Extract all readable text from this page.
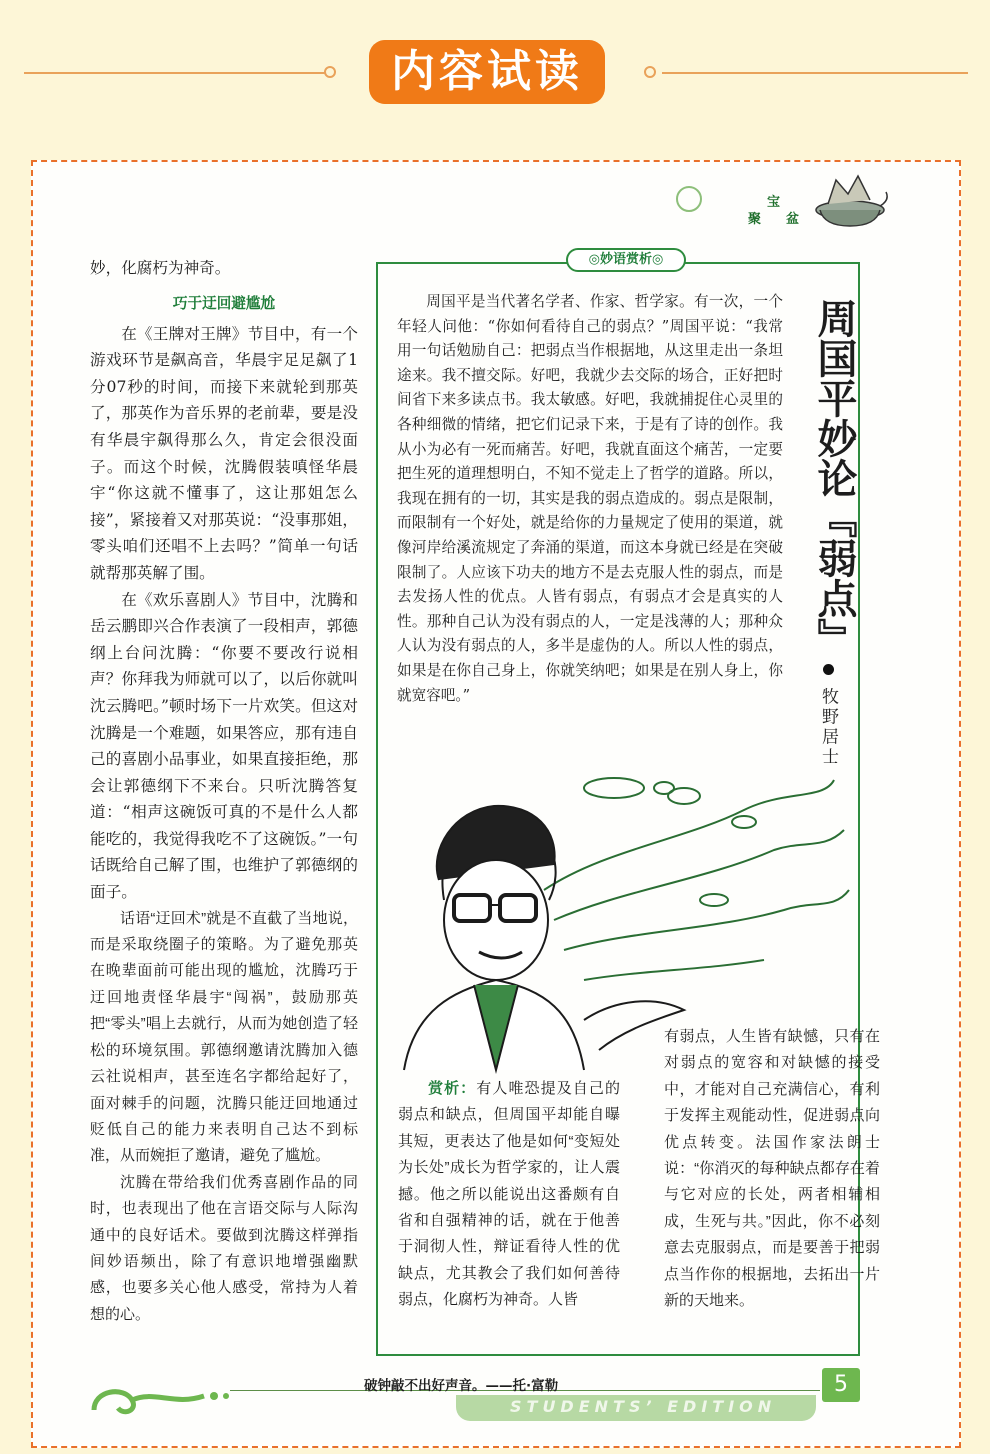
内容试读
聚
宝
盆

妙，化腐朽为神奇。

巧于迂回避尴尬

在《王牌对王牌》节目中，有一个游戏环节是飙高音，华晨宇足足飙了1分07秒的时间，而接下来就轮到那英了，那英作为音乐界的老前辈，要是没有华晨宇飙得那么久，肯定会很没面子。而这个时候，沈腾假装嗔怪华晨宇“你这就不懂事了，这让那姐怎么接”，紧接着又对那英说：“没事那姐，零头咱们还唱不上去吗？”简单一句话就帮那英解了围。

在《欢乐喜剧人》节目中，沈腾和岳云鹏即兴合作表演了一段相声，郭德纲上台问沈腾：“你要不要改行说相声？你拜我为师就可以了，以后你就叫沈云腾吧。”顿时场下一片欢笑。但这对沈腾是一个难题，如果答应，那有违自己的喜剧小品事业，如果直接拒绝，那会让郭德纲下不来台。只听沈腾答复道：“相声这碗饭可真的不是什么人都能吃的，我觉得我吃不了这碗饭。”一句话既给自己解了围，也维护了郭德纲的面子。

话语“迂回术”就是不直截了当地说，而是采取绕圈子的策略。为了避免那英在晚辈面前可能出现的尴尬，沈腾巧于迂回地责怪华晨宇“闯祸”，鼓励那英把“零头”唱上去就行，从而为她创造了轻松的环境氛围。郭德纲邀请沈腾加入德云社说相声，甚至连名字都给起好了，面对棘手的问题，沈腾只能迂回地通过贬低自己的能力来表明自己达不到标准，从而婉拒了邀请，避免了尴尬。

沈腾在带给我们优秀喜剧作品的同时，也表现出了他在言语交际与人际沟通中的良好话术。要做到沈腾这样弹指间妙语频出，除了有意识地增强幽默感，也要多关心他人感受，常持为人着想的心。

◎妙语赏析◎

周国平是当代著名学者、作家、哲学家。有一次，一个年轻人问他：“你如何看待自己的弱点？”周国平说：“我常用一句话勉励自己：把弱点当作根据地，从这里走出一条坦途来。我不擅交际。好吧，我就少去交际的场合，正好把时间省下来多读点书。我太敏感。好吧，我就捕捉住心灵里的各种细微的情绪，把它们记录下来，于是有了诗的创作。我从小为必有一死而痛苦。好吧，我就直面这个痛苦，一定要把生死的道理想明白，不知不觉走上了哲学的道路。所以，我现在拥有的一切，其实是我的弱点造成的。弱点是限制，而限制有一个好处，就是给你的力量规定了使用的渠道，就像河岸给溪流规定了奔涌的渠道，而这本身就已经是在突破限制了。人应该下功夫的地方不是去克服人性的弱点，而是去发扬人性的优点。人皆有弱点，有弱点才会是真实的人性。那种自己认为没有弱点的人，一定是浅薄的人；那种众人认为没有弱点的人，多半是虚伪的人。所以人性的弱点，如果是在你自己身上，你就笑纳吧；如果是在别人身上，你就宽容吧。”

周国平妙论『弱点』
牧野居士

赏析：有人唯恐提及自己的弱点和缺点，但周国平却能自曝其短，更表达了他是如何“变短处为长处”成长为哲学家的，让人震撼。他之所以能说出这番颇有自省和自强精神的话，就在于他善于洞彻人性，辩证看待人性的优缺点，尤其教会了我们如何善待弱点，化腐朽为神奇。人皆

有弱点，人生皆有缺憾，只有在对弱点的宽容和对缺憾的接受中，才能对自己充满信心，有利于发挥主观能动性，促进弱点向优点转变。法国作家法朗士说：“你消灭的每种缺点都存在着与它对应的长处，两者相辅相成，生死与共。”因此，你不必刻意去克服弱点，而是要善于把弱点当作你的根据地，去拓出一片新的天地来。

破钟敲不出好声音。——托·富勒
STUDENTS’ EDITION
5
